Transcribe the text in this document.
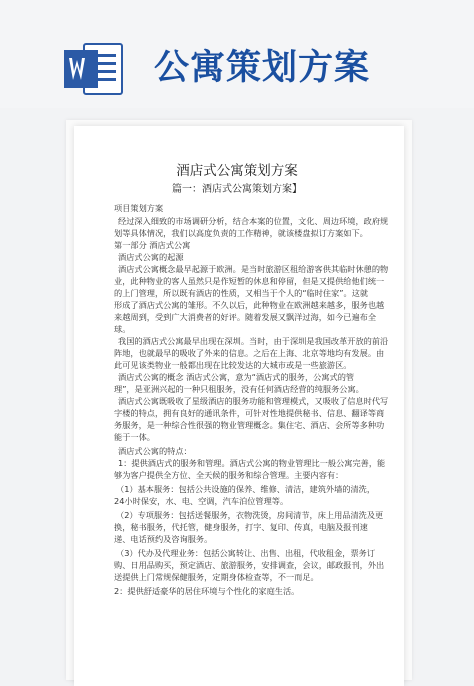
公寓策划方案
酒店式公寓策划方案
篇一：酒店式公寓策划方案】
项目策划方案
经过深入细致的市场调研分析，结合本案的位置，文化、周边环境，政府规
划等具体情况，我们以高度负责的工作精神，就该楼盘拟订方案如下。
第一部分 酒店式公寓
酒店式公寓的起源
酒店式公寓概念最早起源于欧洲。是当时旅游区租给游客供其临时休憩的物
业，此种物业的客人虽然只是作短暂的休息和停留，但是又提供给他们统一
的上门管理，所以既有酒店的性质，又相当于个人的“临时住家”。这就
形成了酒店式公寓的雏形。不久以后，此种物业在欧洲越来越多，服务也越
来越周到，受到广大消费者的好评。随着发展又飘洋过海，如今已遍布全
球。
我国的酒店式公寓最早出现在深圳。当时，由于深圳是我国改革开放的前沿
阵地，也就最早的吸收了外来的信息。之后在上海、北京等地均有发展。由
此可见该类物业一般都出现在比较发达的大城市或是一些旅游区。
酒店式公寓的概念 酒店式公寓，意为“酒店式的服务，公寓式的管
理”，是亚洲兴起的一种只租服务，没有任何酒店经营的纯服务公寓。
酒店式公寓既吸收了星级酒店的服务功能和管理模式，又吸收了信息时代写
字楼的特点，拥有良好的通讯条件，可针对性地提供秘书、信息、翻译等商
务服务，是一种综合性很强的物业管理概念。集住宅、酒店、会所等多种功
能于一体。
酒店式公寓的特点：
1：提供酒店式的服务和管理。酒店式公寓的物业管理比一般公寓完善，能
够为客户提供全方位、全天候的服务和综合管理。主要内容有：
（1）基本服务：包括公共设施的保养、维修、清洁，建筑外墙的清洗，
24小时保安，水、电、空调，汽车泊位管理等。
（2）专项服务：包括送餐服务，衣物洗烫，房间清节，床上用品清洗及更
换，秘书服务，代托管，健身服务，打字、复印、传真，电脑及报刊速
递、电话预约及咨询服务。
（3）代办及代理业务：包括公寓转让、出售、出租，代收租金，票务订
购、日用品购买，预定酒店、旅游服务，安排调查，会议，邮政报刊，外出
送提供上门常规保健服务，定期身体检查等，不一而足。
2：提供舒适豪华的居住环境与个性化的家庭生活。
